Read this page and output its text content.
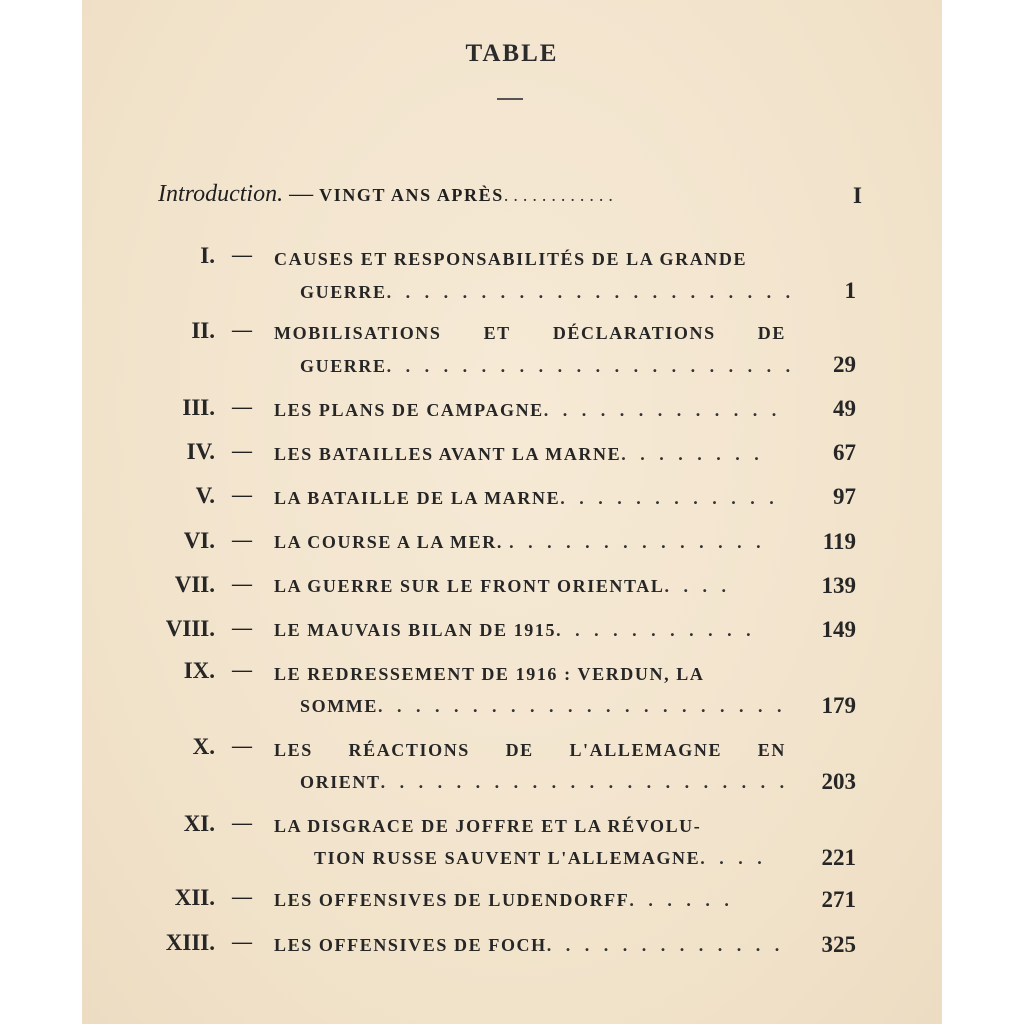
TABLE
Introduction. — VINGT ANS APRÈS............	I
I. — CAUSES ET RESPONSABILITÉS DE LA GRANDE
GUERRE. . . . . . . . . . . . . . . . . . . . . . 1
II. — MOBILISATIONS ET DÉCLARATIONS DE
GUERRE. . . . . . . . . . . . . . . . . . . . . . 29
III. — LES PLANS DE CAMPAGNE. . . . . . . . . . . . . 49
IV. — LES BATAILLES AVANT LA MARNE. . . . . . . .	67
V. — LA BATAILLE DE LA MARNE. . . . . . . . . . . . 97
VI. — LA COURSE A LA MER. . . . . . . . . . . . . . . 119
VII. — LA GUERRE SUR LE FRONT ORIENTAL. . . .	139
VIII. — LE MAUVAIS BILAN DE 1915. . . . . . . . . . .	149
IX. — LE REDRESSEMENT DE 1916 : VERDUN, LA
SOMME. . . . . . . . . . . . . . . . . . . . . . 179
X. — LES RÉACTIONS DE L'ALLEMAGNE EN
ORIENT. . . . . . . . . . . . . . . . . . . . . . 203
XI. — LA DISGRACE DE JOFFRE ET LA RÉVOLU-
TION RUSSE SAUVENT L'ALLEMAGNE. . . . 221
XII. — LES OFFENSIVES DE LUDENDORFF. . . . . .	271
XIII. — LES OFFENSIVES DE FOCH. . . . . . . . . . . . . 325
